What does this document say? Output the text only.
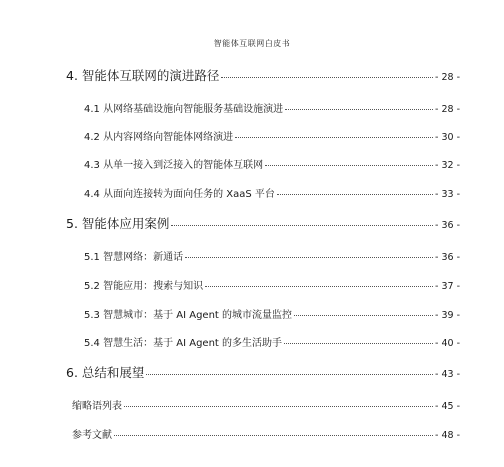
智能体互联网白皮书
4. 智能体互联网的演进路径	- 28 -
4.1 从网络基础设施向智能服务基础设施演进	- 28 -
4.2 从内容网络向智能体网络演进	- 30 -
4.3 从单一接入到泛接入的智能体互联网	- 32 -
4.4 从面向连接转为面向任务的 XaaS 平台	- 33 -
5. 智能体应用案例	- 36 -
5.1 智慧网络：新通话	- 36 -
5.2 智能应用：搜索与知识	- 37 -
5.3 智慧城市：基于 AI Agent 的城市流量监控	- 39 -
5.4 智慧生活：基于 AI Agent 的多生活助手	- 40 -
6. 总结和展望	- 43 -
缩略语列表	- 45 -
参考文献	- 48 -
